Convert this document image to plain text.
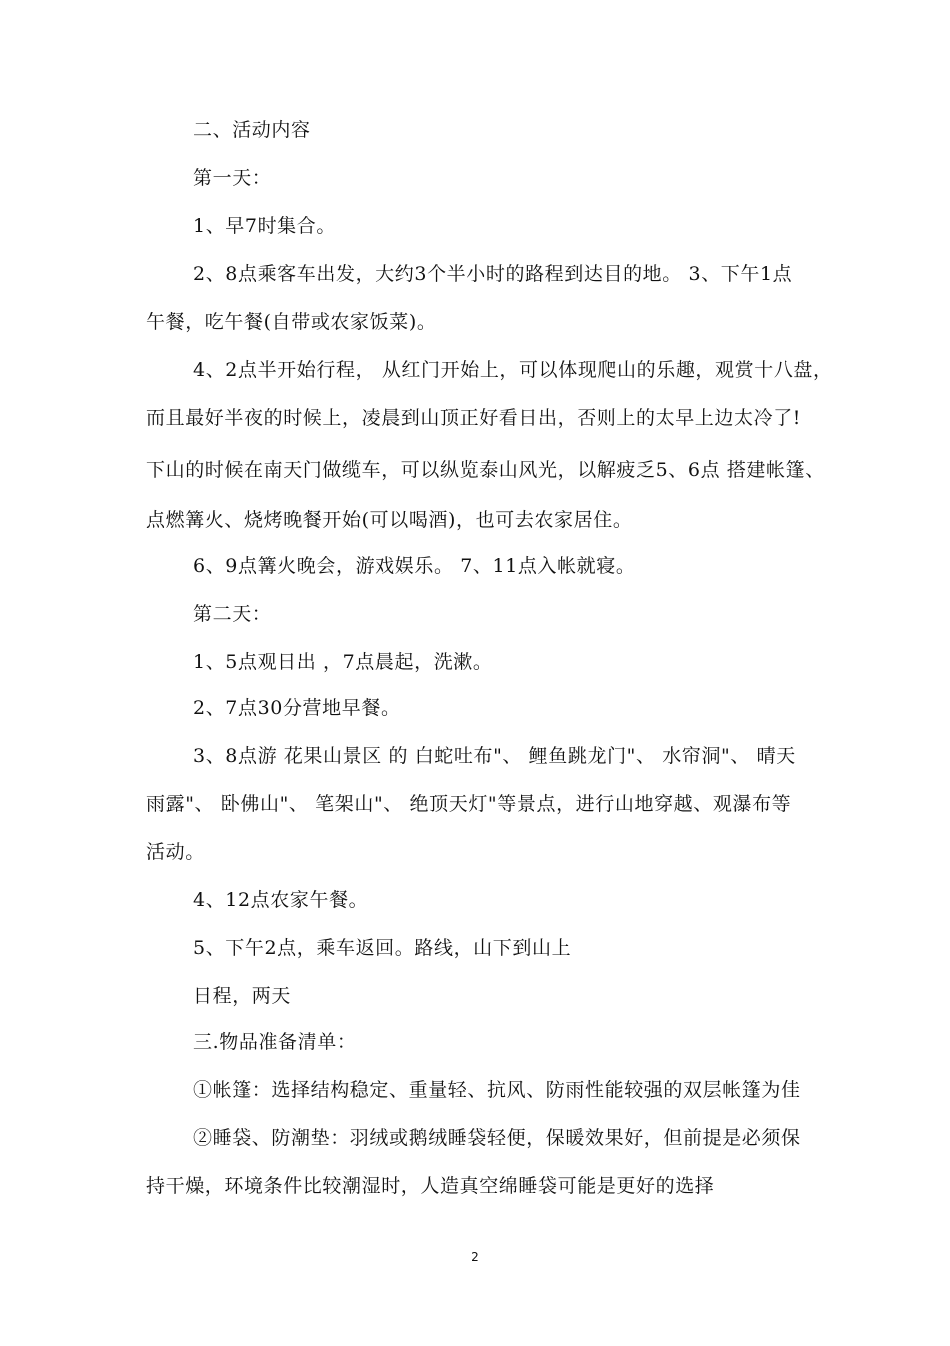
二、活动内容
第一天：
1、早7时集合。
2、8点乘客车出发，大约3个半小时的路程到达目的地。 3、下午1点
午餐，吃午餐(自带或农家饭菜)。
4、2点半开始行程， 从红门开始上，可以体现爬山的乐趣，观赏十八盘，
而且最好半夜的时候上，凌晨到山顶正好看日出，否则上的太早上边太冷了!
下山的时候在南天门做缆车，可以纵览泰山风光，以解疲乏5、6点 搭建帐篷、
点燃篝火、烧烤晚餐开始(可以喝酒)，也可去农家居住。
6、9点篝火晚会，游戏娱乐。 7、11点入帐就寝。
第二天：
1、5点观日出 ，7点晨起，洗漱。
2、7点30分营地早餐。
3、8点游 花果山景区 的 白蛇吐布"、 鲤鱼跳龙门"、 水帘洞"、 晴天
雨露"、 卧佛山"、 笔架山"、 绝顶天灯"等景点，进行山地穿越、观瀑布等
活动。
4、12点农家午餐。
5、下午2点，乘车返回。路线，山下到山上
日程，两天
三.物品准备清单：
①帐篷：选择结构稳定、重量轻、抗风、防雨性能较强的双层帐篷为佳
②睡袋、防潮垫：羽绒或鹅绒睡袋轻便，保暖效果好，但前提是必须保
持干燥，环境条件比较潮湿时，人造真空绵睡袋可能是更好的选择
2
